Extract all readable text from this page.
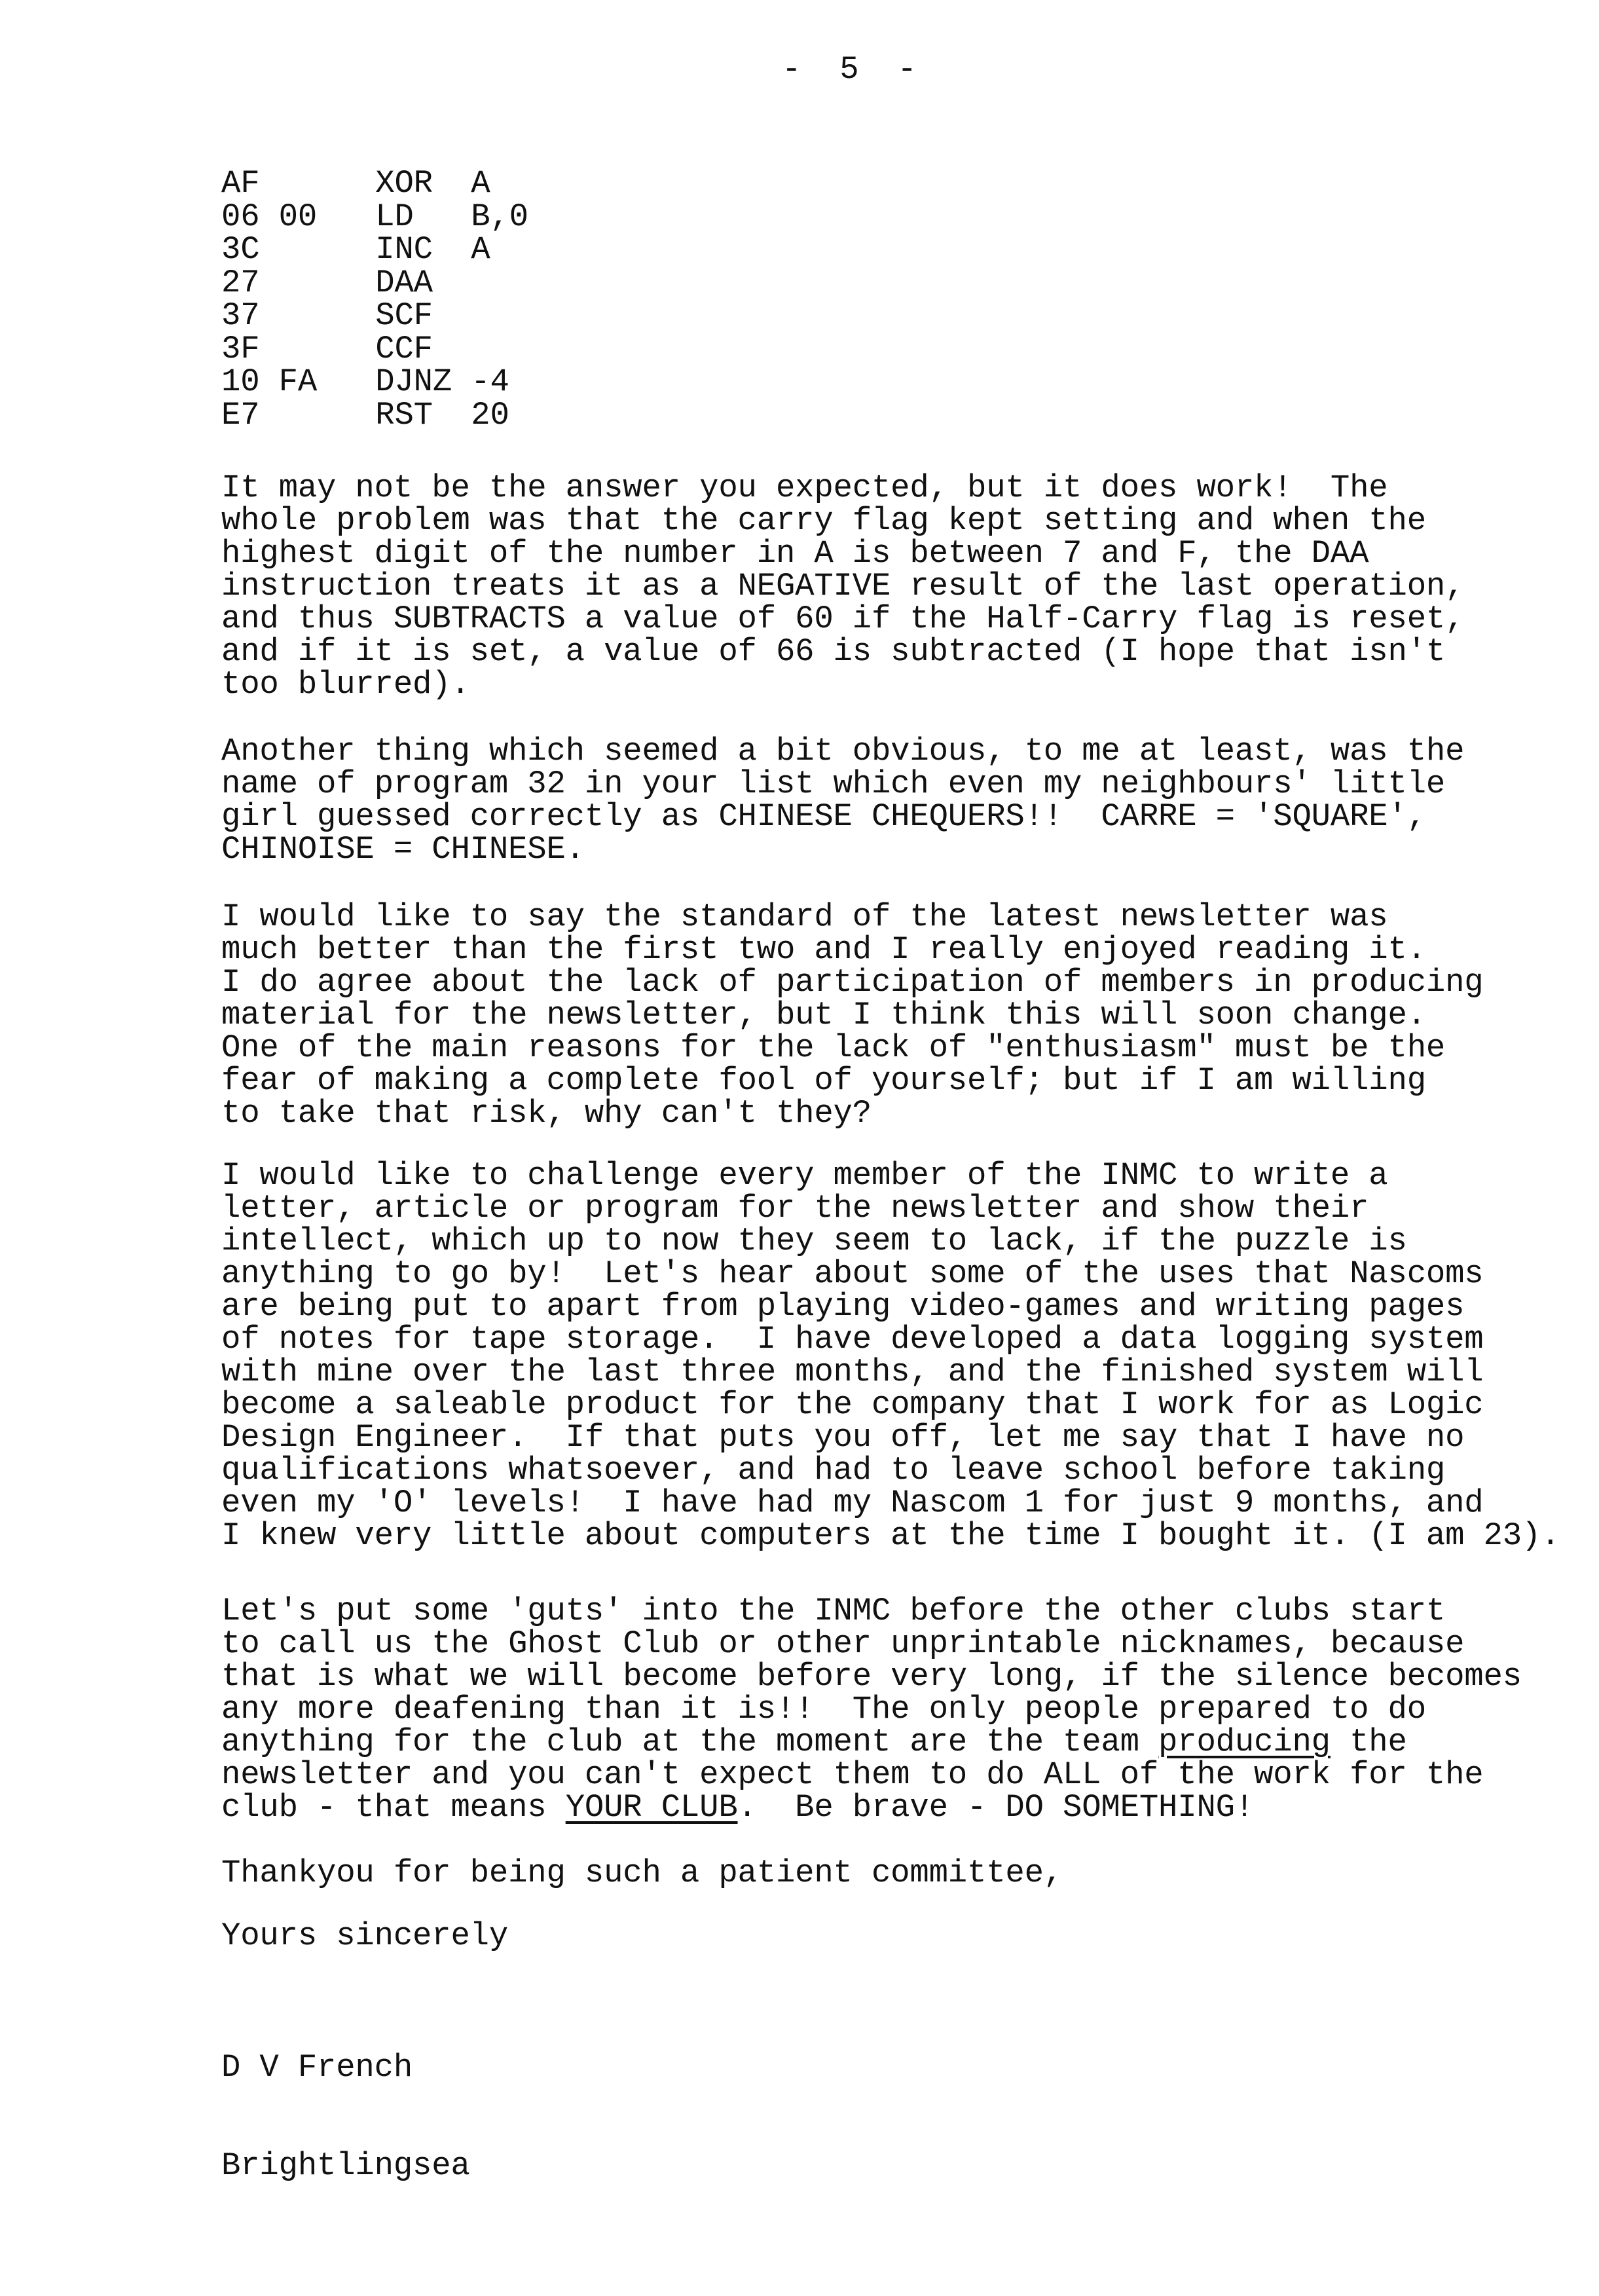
-  5  -
AF	XOR  A
06 00 LD   B,0
3C	INC  A
27	DAA
37	SCF
3F	CCF
10 FA DJNZ -4
E7	RST  20
It may not be the answer you expected, but it does work!  The
whole problem was that the carry flag kept setting and when the
highest digit of the number in A is between 7 and F, the DAA
instruction treats it as a NEGATIVE result of the last operation,
and thus SUBTRACTS a value of 60 if the Half-Carry flag is reset,
and if it is set, a value of 66 is subtracted (I hope that isn't
too blurred).
Another thing which seemed a bit obvious, to me at least, was the
name of program 32 in your list which even my neighbours' little
girl guessed correctly as CHINESE CHEQUERS!!  CARRE = 'SQUARE',
CHINOISE = CHINESE.
I would like to say the standard of the latest newsletter was
much better than the first two and I really enjoyed reading it.
I do agree about the lack of participation of members in producing
material for the newsletter, but I think this will soon change.
One of the main reasons for the lack of "enthusiasm" must be the
fear of making a complete fool of yourself; but if I am willing
to take that risk, why can't they?
I would like to challenge every member of the INMC to write a
letter, article or program for the newsletter and show their
intellect, which up to now they seem to lack, if the puzzle is
anything to go by!  Let's hear about some of the uses that Nascoms
are being put to apart from playing video-games and writing pages
of notes for tape storage.  I have developed a data logging system
with mine over the last three months, and the finished system will
become a saleable product for the company that I work for as Logic
Design Engineer.  If that puts you off, let me say that I have no
qualifications whatsoever, and had to leave school before taking
even my 'O' levels!  I have had my Nascom 1 for just 9 months, and
I knew very little about computers at the time I bought it. (I am 23).
Let's put some 'guts' into the INMC before the other clubs start
to call us the Ghost Club or other unprintable nicknames, because
that is what we will become before very long, if the silence becomes
any more deafening than it is!!  The only people prepared to do
anything for the club at the moment are the team producing the
newsletter and you can't expect them to do ALL of the work for the
club - that means YOUR CLUB.  Be brave - DO SOMETHING!
Thankyou for being such a patient committee,
Yours sincerely

D V French

Brightlingsea
